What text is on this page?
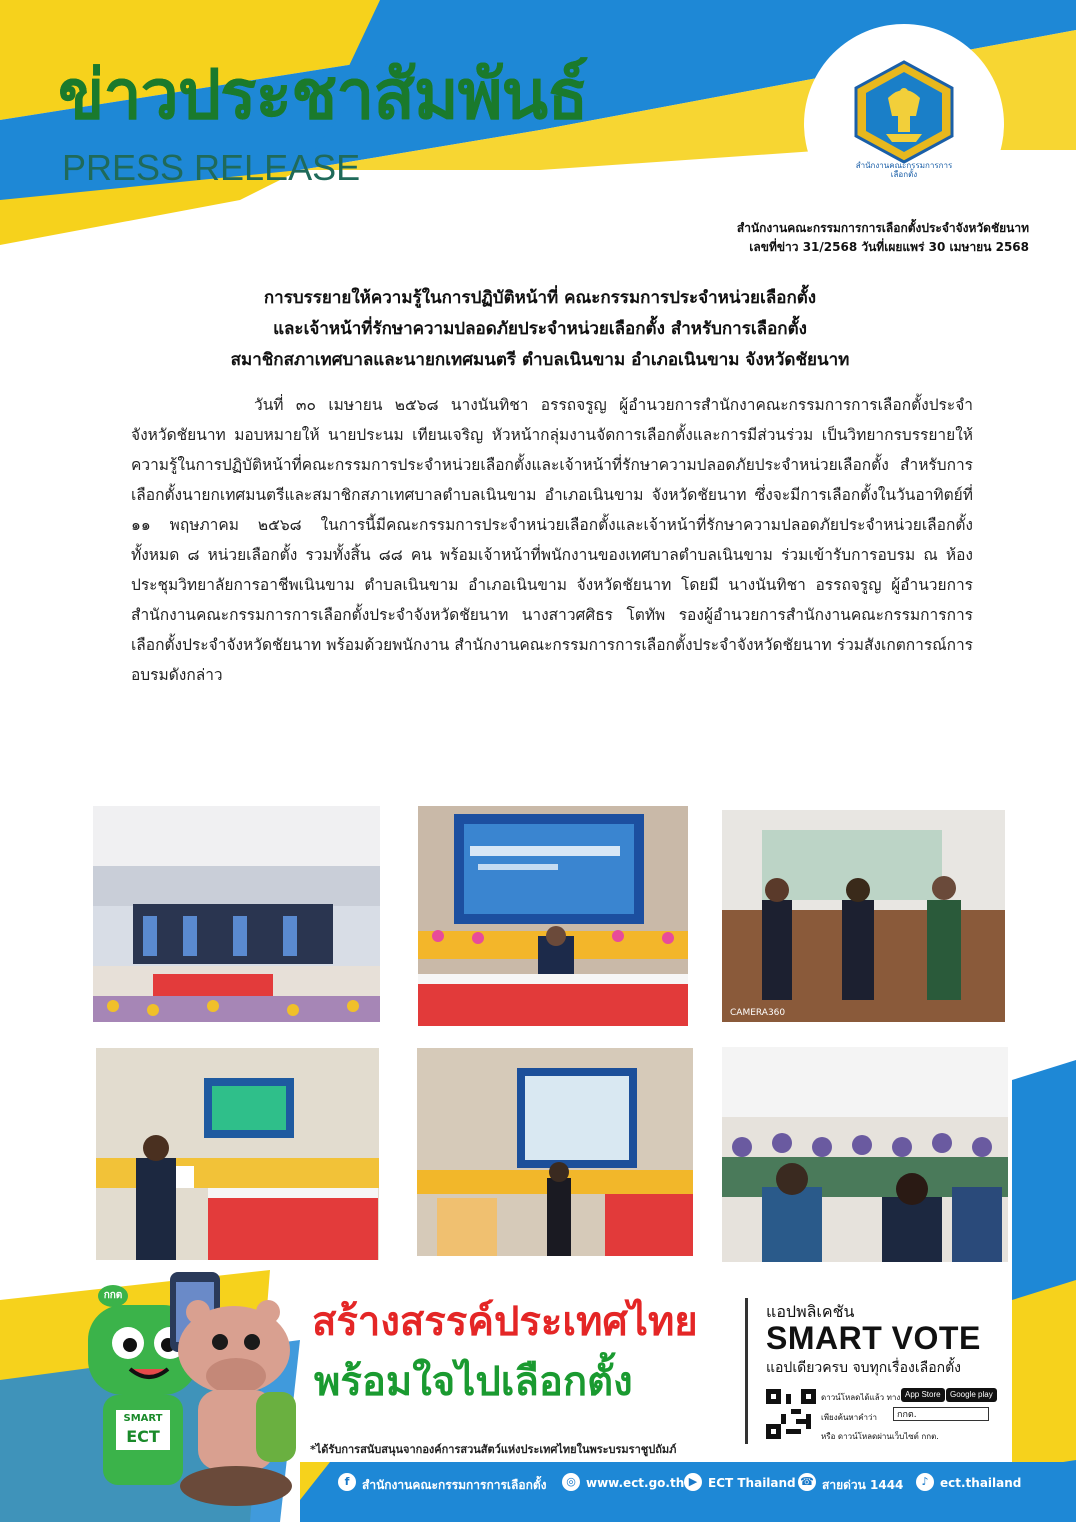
ข่าวประชาสัมพันธ์
PRESS RELEASE	สำนักงานคณะกรรมการการเลือกตั้ง
สำนักงานคณะกรรมการการเลือกตั้งประจำจังหวัดชัยนาท
เลขที่ข่าว 31/2568 วันที่เผยแพร่ 30 เมษายน 2568
การบรรยายให้ความรู้ในการปฏิบัติหน้าที่ คณะกรรมการประจำหน่วยเลือกตั้ง
และเจ้าหน้าที่รักษาความปลอดภัยประจำหน่วยเลือกตั้ง สำหรับการเลือกตั้ง
สมาชิกสภาเทศบาลและนายกเทศมนตรี ตำบลเนินขาม อำเภอเนินขาม จังหวัดชัยนาท

วันที่ ๓๐ เมษายน ๒๕๖๘ นางนันทิชา อรรถจรูญ ผู้อำนวยการสำนักงาคณะกรรมการการเลือกตั้งประจำจังหวัดชัยนาท มอบหมายให้ นายประนม เทียนเจริญ หัวหน้ากลุ่มงานจัดการเลือกตั้งและการมีส่วนร่วม เป็นวิทยากรบรรยายให้ความรู้ในการปฏิบัติหน้าที่คณะกรรมการประจำหน่วยเลือกตั้งและเจ้าหน้าที่รักษาความปลอดภัยประจำหน่วยเลือกตั้ง สำหรับการเลือกตั้งนายกเทศมนตรีและสมาชิกสภาเทศบาลตำบลเนินขาม อำเภอเนินขาม จังหวัดชัยนาท ซึ่งจะมีการเลือกตั้งในวันอาทิตย์ที่ ๑๑ พฤษภาคม ๒๕๖๘ ในการนี้มีคณะกรรมการประจำหน่วยเลือกตั้งและเจ้าหน้าที่รักษาความปลอดภัยประจำหน่วยเลือกตั้งทั้งหมด ๘ หน่วยเลือกตั้ง รวมทั้งสิ้น ๘๘ คน พร้อมเจ้าหน้าที่พนักงานของเทศบาลตำบลเนินขาม ร่วมเข้ารับการอบรม ณ ห้องประชุมวิทยาลัยการอาชีพเนินขาม ตำบลเนินขาม อำเภอเนินขาม จังหวัดชัยนาท โดยมี นางนันทิชา อรรถจรูญ ผู้อำนวยการสำนักงานคณะกรรมการการเลือกตั้งประจำจังหวัดชัยนาท นางสาวศศิธร โตทัพ รองผู้อำนวยการสำนักงานคณะกรรมการการเลือกตั้งประจำจังหวัดชัยนาท พร้อมด้วยพนักงาน สำนักงานคณะกรรมการการเลือกตั้งประจำจังหวัดชัยนาท ร่วมสังเกตการณ์การอบรมดังกล่าว

CAMERA360
กกต
SMART
ECT
สร้างสรรค์ประเทศไทย
พร้อมใจไปเลือกตั้ง
*ได้รับการสนับสนุนจากองค์การสวนสัตว์แห่งประเทศไทยในพระบรมราชูปถัมภ์
แอปพลิเคชัน
SMART VOTE
แอปเดียวครบ จบทุกเรื่องเลือกตั้ง
ดาวน์โหลดได้แล้ว ทาง App Store	Google play
เพียงค้นหาคำว่า	กกต.
หรือ ดาวน์โหลดผ่านเว็บไซต์ กกต.
f	สำนักงานคณะกรรมการการเลือกตั้ง	◎ www.ect.go.th ▶ ECT Thailand ☎ สายด่วน 1444	♪ ect.thailand
